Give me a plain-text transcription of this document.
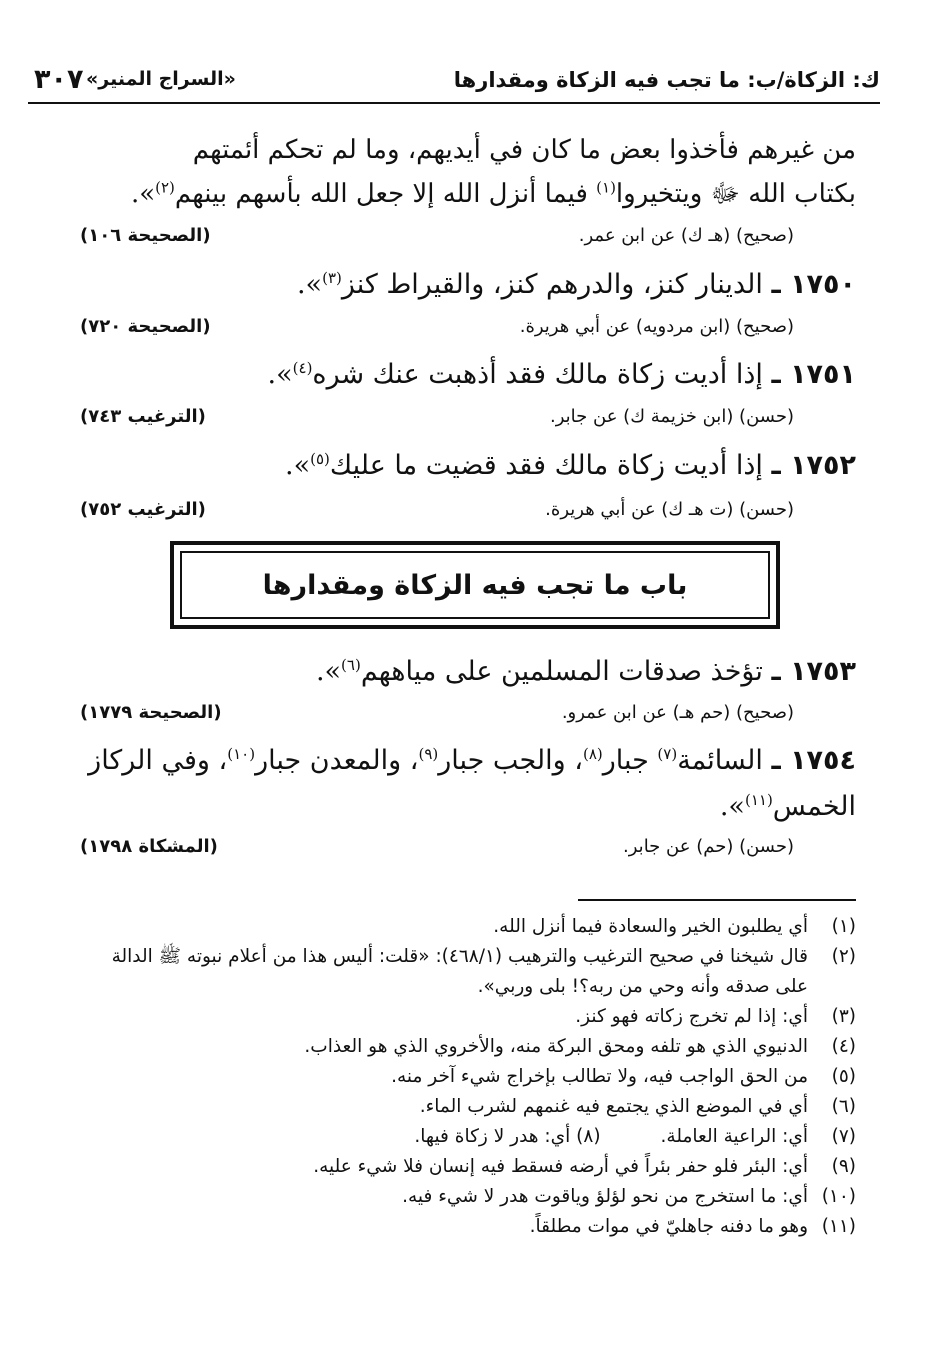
ك: الزكاة/ب: ما تجب فيه الزكاة ومقدارها
«السراج المنير»
٣٠٧
من غيرهم فأخذوا بعض ما كان في أيديهم، وما لم تحكم أئمتهم
بكتاب الله ﷻ ويتخيروا$^{(١)}$ فيما أنزل الله إلا جعل الله بأسهم بينهم$^{(٢)}$».
(صحيح) (هـ ك) عن ابن عمر.
(الصحيحة ١٠٦)
١٧٥٠ ـ الدينار كنز، والدرهم كنز، والقيراط كنز$^{(٣)}$».
(صحيح) (ابن مردويه) عن أبي هريرة.
(الصحيحة ٧٢٠)
١٧٥١ ـ إذا أديت زكاة مالك فقد أذهبت عنك شره$^{(٤)}$».
(حسن) (ابن خزيمة ك) عن جابر.
(الترغيب ٧٤٣)
١٧٥٢ ـ إذا أديت زكاة مالك فقد قضيت ما عليك$^{(٥)}$».
(حسن) (ت هـ ك) عن أبي هريرة.
(الترغيب ٧٥٢)
باب ما تجب فيه الزكاة ومقدارها
١٧٥٣ ـ تؤخذ صدقات المسلمين على مياههم$^{(٦)}$».
(صحيح) (حم هـ) عن ابن عمرو.
(الصحيحة ١٧٧٩)
١٧٥٤ ـ السائمة$^{(٧)}$ جبار$^{(٨)}$، والجب جبار$^{(٩)}$، والمعدن جبار$^{(١٠)}$، وفي الركاز
الخمس$^{(١١)}$».
(حسن) (حم) عن جابر.
(المشكاة ١٧٩٨)
(١)
أي يطلبون الخير والسعادة فيما أنزل الله.
(٢)
قال شيخنا في صحيح الترغيب والترهيب (٤٦٨/١): «قلت: أليس هذا من أعلام نبوته ﷺ الدالة على صدقه وأنه وحي من ربه؟! بلى وربي».
(٣)
أي: إذا لم تخرج زكاته فهو كنز.
(٤)
الدنيوي الذي هو تلفه ومحق البركة منه، والأخروي الذي هو العذاب.
(٥)
من الحق الواجب فيه، ولا تطالب بإخراج شيء آخر منه.
(٦)
أي في الموضع الذي يجتمع فيه غنمهم لشرب الماء.
(٧)
أي: الراعية العاملة.(٨) أي: هدر لا زكاة فيها.
(٩)
أي: البئر فلو حفر بئراً في أرضه فسقط فيه إنسان فلا شيء عليه.
(١٠)
أي: ما استخرج من نحو لؤلؤ وياقوت هدر لا شيء فيه.
(١١)
وهو ما دفنه جاهليّ في موات مطلقاً.
